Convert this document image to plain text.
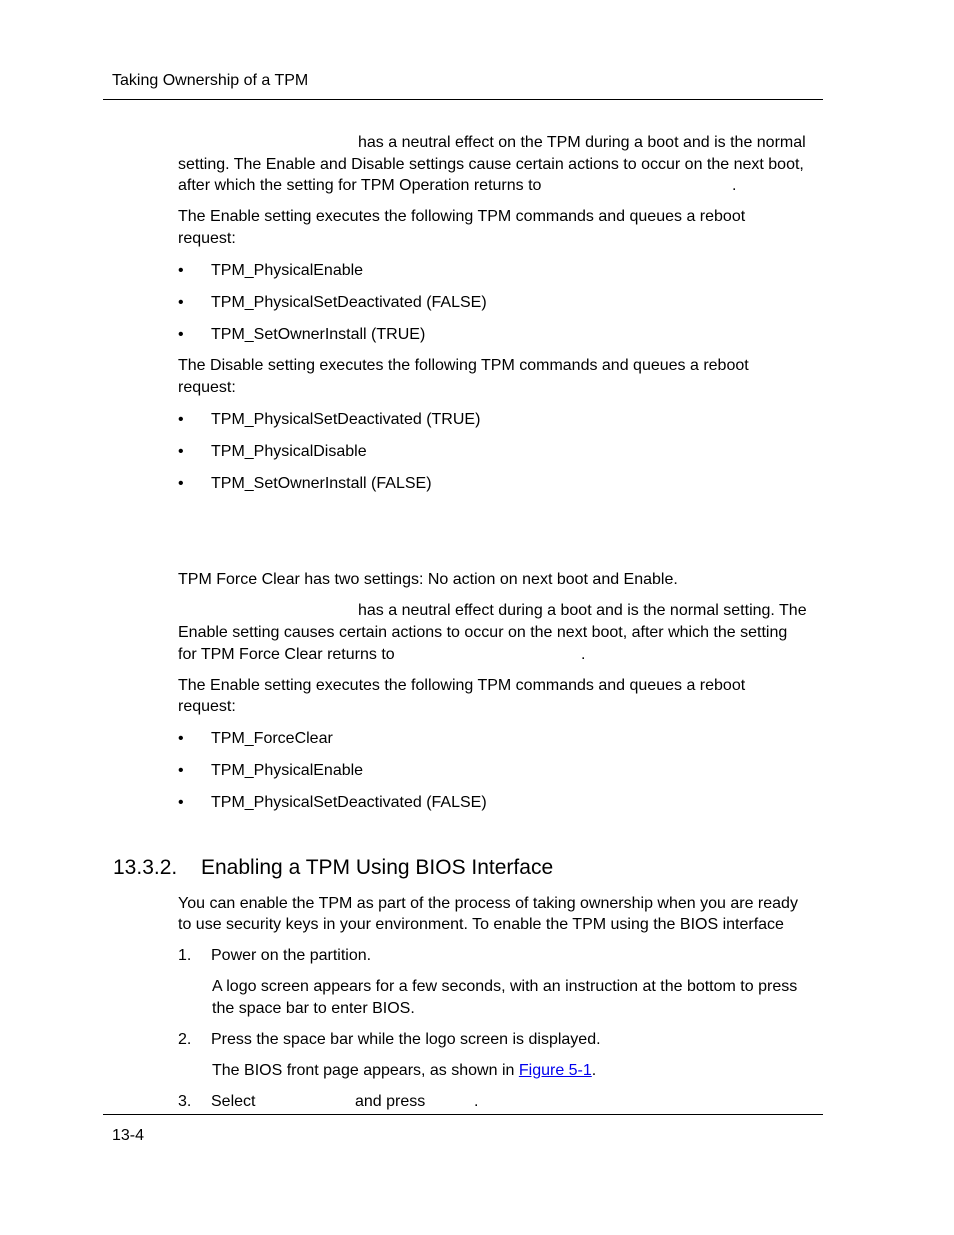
Taking Ownership of a TPM
has a neutral effect on the TPM during a boot and is the normal
setting. The Enable and Disable settings cause certain actions to occur on the next boot,
after which the setting for TPM Operation returns to	.
The Enable setting executes the following TPM commands and queues a reboot
request:
• TPM_PhysicalEnable
• TPM_PhysicalSetDeactivated (FALSE)
• TPM_SetOwnerInstall (TRUE)
The Disable setting executes the following TPM commands and queues a reboot
request:
• TPM_PhysicalSetDeactivated (TRUE)
• TPM_PhysicalDisable
• TPM_SetOwnerInstall (FALSE)
TPM Force Clear has two settings: No action on next boot and Enable.
has a neutral effect during a boot and is the normal setting. The
Enable setting causes certain actions to occur on the next boot, after which the setting
for TPM Force Clear returns to	.
The Enable setting executes the following TPM commands and queues a reboot
request:
• TPM_ForceClear
• TPM_PhysicalEnable
• TPM_PhysicalSetDeactivated (FALSE)
13.3.2. Enabling a TPM Using BIOS Interface
You can enable the TPM as part of the process of taking ownership when you are ready
to use security keys in your environment. To enable the TPM using the BIOS interface
1. Power on the partition.
A logo screen appears for a few seconds, with an instruction at the bottom to press
the space bar to enter BIOS.
2. Press the space bar while the logo screen is displayed.
The BIOS front page appears, as shown in Figure 5-1.
3. Select	and press	.
13-4
